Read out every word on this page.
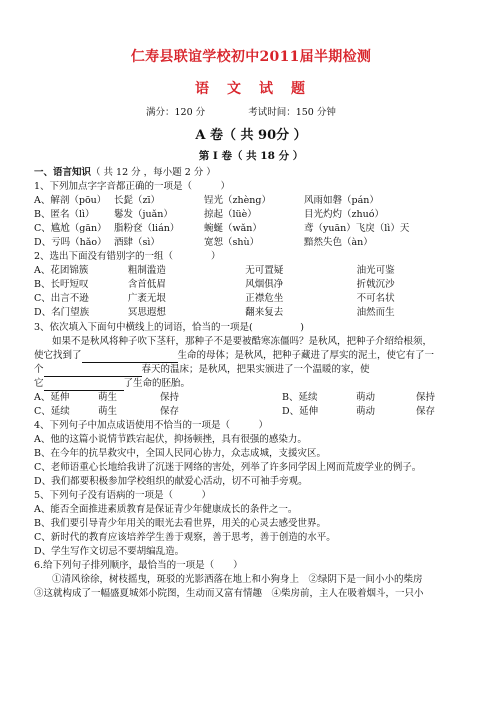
仁寿县联谊学校初中2011届半期检测
语　文　试　题
满分：120 分	考试时间：150 分钟
A 卷（ 共 90分 ）
第 I 卷（ 共 18 分 ）
一、语言知识（ 共 12 分 ，每小题 2 分 ）
1、下列加点字字音都正确的一项是（　　　）
A、解剖（pōu） 长髭（zī）	锃光（zhèng）	风雨如磐（pán）
B、匿名（lì）	鬈发（juǎn）	掠起（lüè）	目光灼灼（zhuó）
C、尴尬（gān） 脂粉奁（lián）	蜿蜒（wǎn）	鸢（yuān）飞戾（lì）天
D、亏吗（hǎo） 酒肆（sì）	宽恕（shù）	黯然失色（àn）
2、选出下面没有错别字的一组（　　　　）
A、花团锦簇	粗制滥造	无可置疑	油光可鉴
B、长吁短叹	含首低眉	风烟俱净	折戟沉沙
C、出言不逊	广袤无垠	正襟危坐	不可名状
D、名门望族	冥思遐想	翻来复去	油然而生
3、依次填入下面句中横线上的词语，恰当的一项是(　　　　　)
如果不是秋风将种子吹下茎秆，那种子不是要被酷寒冻僵吗？是秋风，把种子介绍给根须，
使它找到了	生命的母体；是秋风，把种子藏进了厚实的泥土，使它有了一
个	春天的温床；是秋风，把果实颁进了一个温暖的家，使
它	了生命的胚胎。
A、延伸	萌生	保持	B、延续	萌动	保持
C、延续	萌生	保存	D、延伸	萌动	保存
4、下列句子中加点成语使用不恰当的一项是（　　　）
A、他的这篇小说情节跌宕起伏，抑扬顿挫，具有很强的感染力。
B、在今年的抗旱救灾中，全国人民同心协力，众志成城，支援灾区。
C、老师语重心长地给我讲了沉迷于网络的害处，列举了许多同学因上网而荒废学业的例子。
D、我们都要积极参加学校组织的献爱心活动，切不可袖手旁观。
5、下列句子没有语病的一项是（　　　）
A、能否全面推进素质教育是保证青少年健康成长的条件之一。
B、我们要引导青少年用关的眼光去看世界，用关的心灵去感受世界。
C、新时代的教育应该培养学生善于观察，善于思考，善于创造的水平。
D、学生写作文切忌不要胡编乱造。
6.给下列句子排列顺序，最恰当的一项是（　　）
①清风徐徐，树枝摇曳，斑驳的光影洒落在地上和小狗身上　②绿阴下是一间小小的柴房
③这就构成了一幅盛夏城郊小院图，生动而又富有情趣　④柴房前，主人在吸着烟斗，一只小
